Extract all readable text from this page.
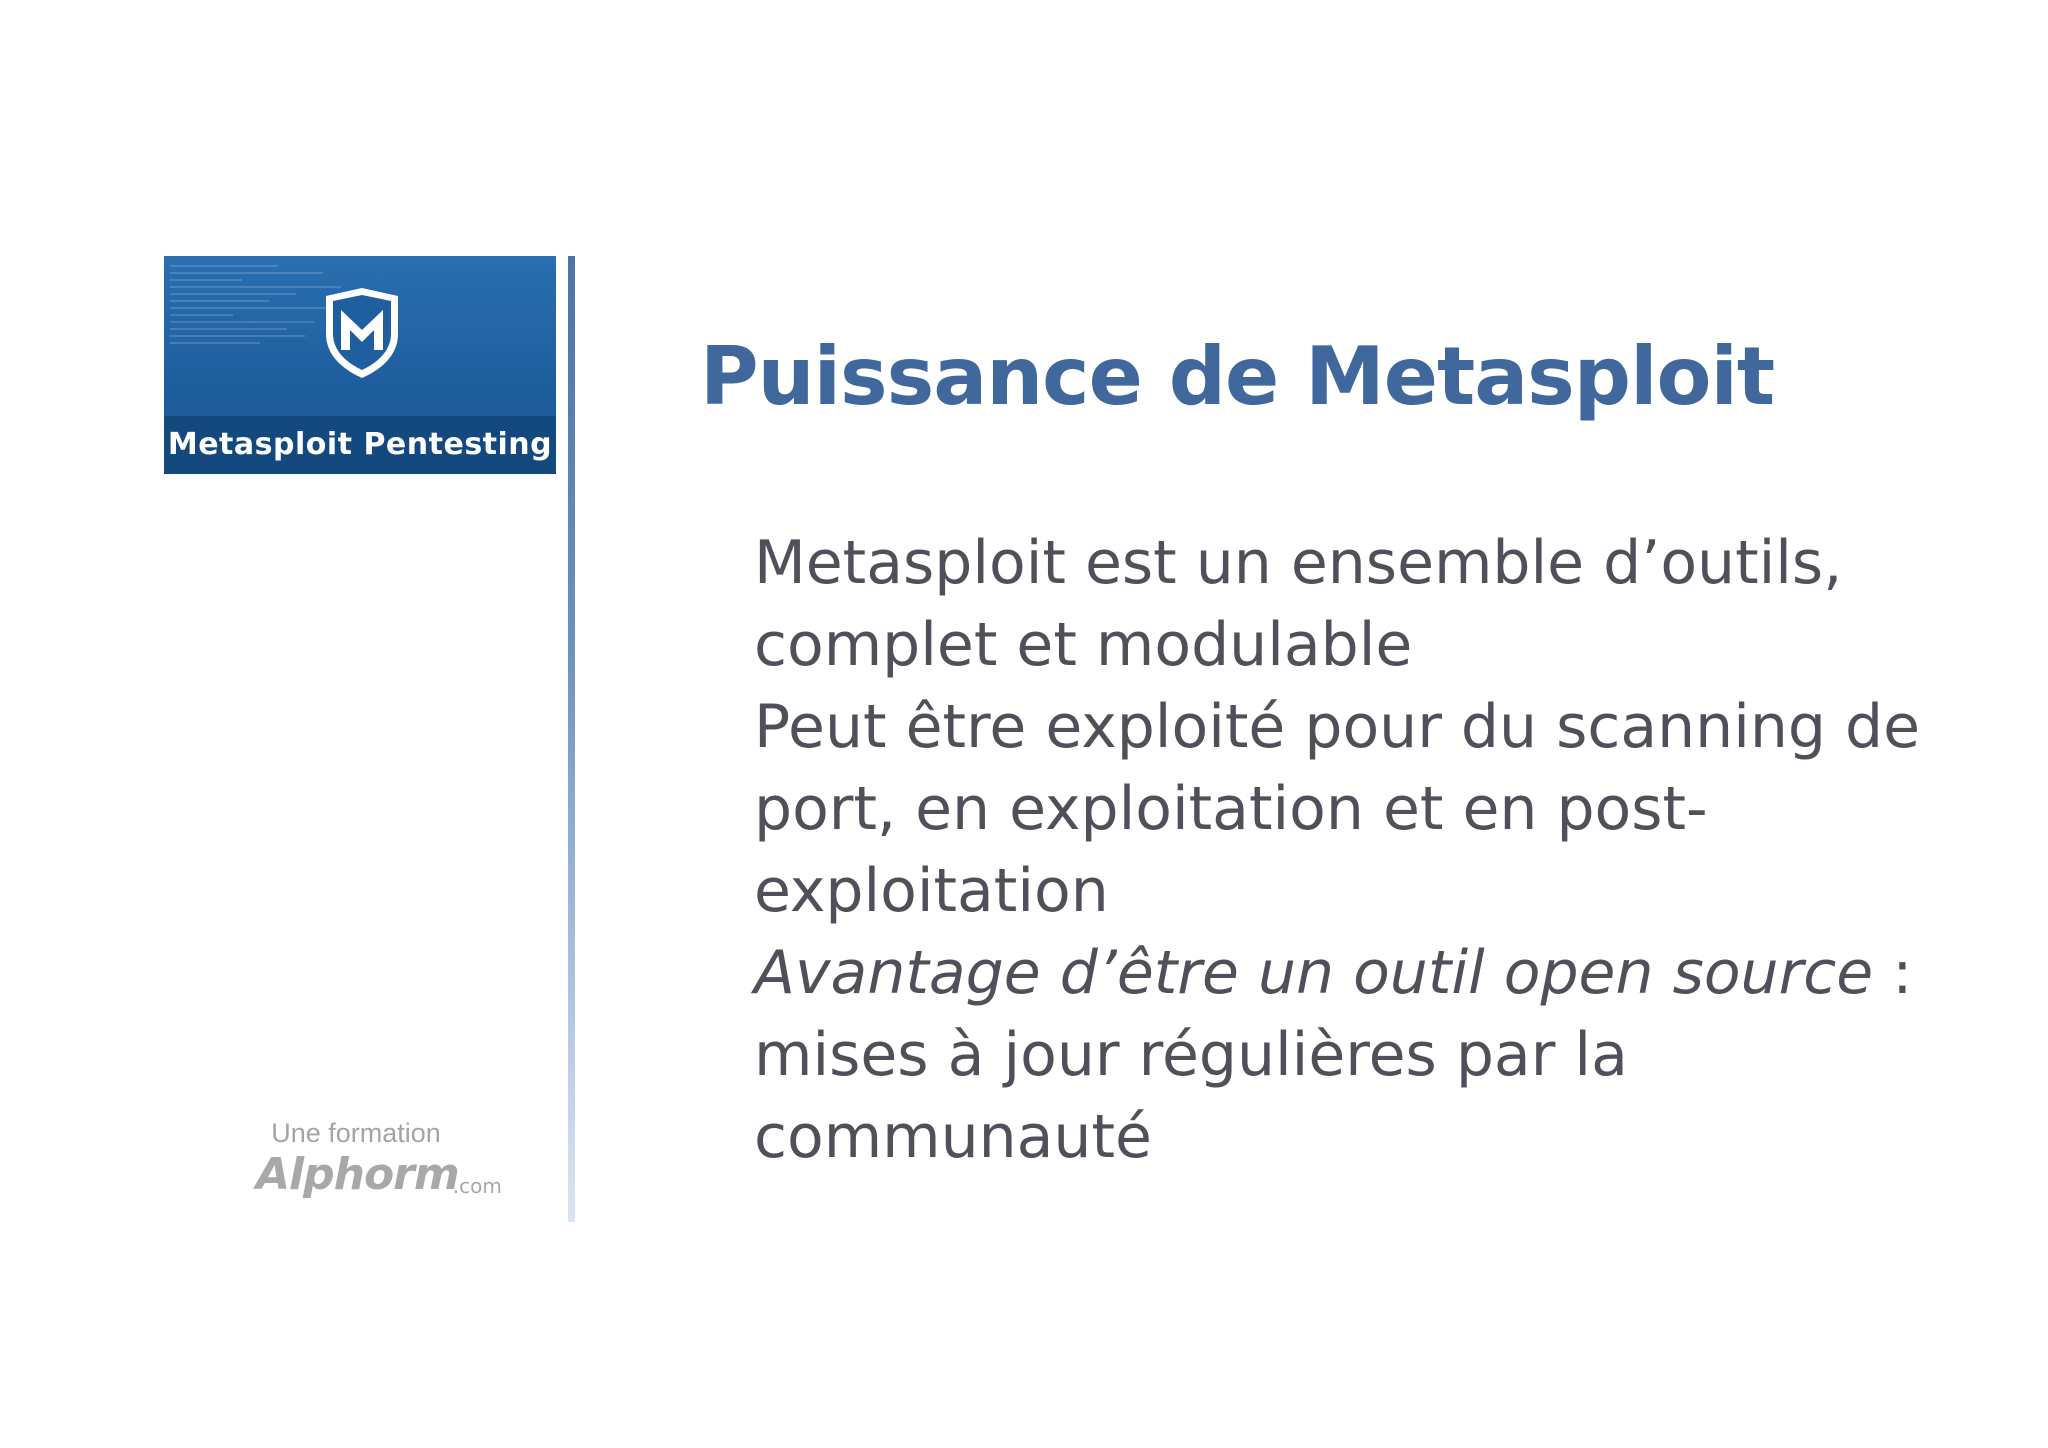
Metasploit Pentesting
Une formation
Alphorm.com
Puissance de Metasploit

Metasploit est un ensemble d’outils, complet et modulable

Peut être exploité pour du scanning de port, en exploitation et en post-exploitation

Avantage d’être un outil open source : mises à jour régulières par la communauté
